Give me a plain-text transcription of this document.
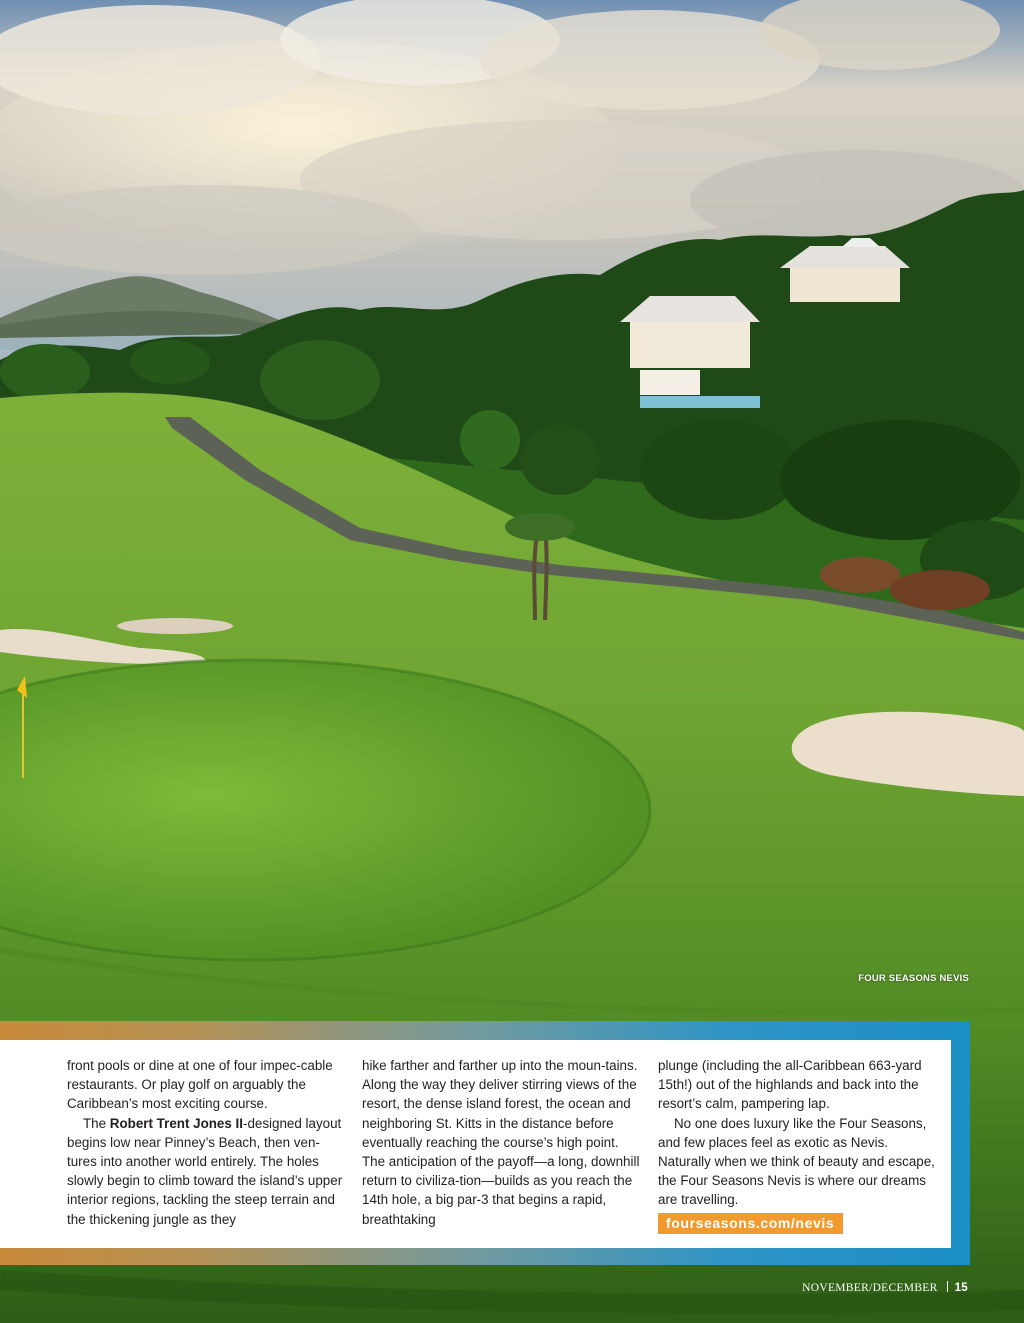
FOUR SEASONS NEVIS

front pools or dine at one of four impec-cable restaurants. Or play golf on arguably the Caribbean’s most exciting course.

The Robert Trent Jones II-designed layout begins low near Pinney’s Beach, then ven-tures into another world entirely. The holes slowly begin to climb toward the island’s upper interior regions, tackling the steep terrain and the thickening jungle as they

hike farther and farther up into the moun-tains. Along the way they deliver stirring views of the resort, the dense island forest, the ocean and neighboring St. Kitts in the distance before eventually reaching the course’s high point. The anticipation of the payoff—a long, downhill return to civiliza-tion—builds as you reach the 14th hole, a big par-3 that begins a rapid, breathtaking

plunge (including the all-Caribbean 663-yard 15th!) out of the highlands and back into the resort’s calm, pampering lap.

No one does luxury like the Four Seasons, and few places feel as exotic as Nevis. Naturally when we think of beauty and escape, the Four Seasons Nevis is where our dreams are travelling.

fourseasons.com/nevis
NOVEMBER/DECEMBER 15
